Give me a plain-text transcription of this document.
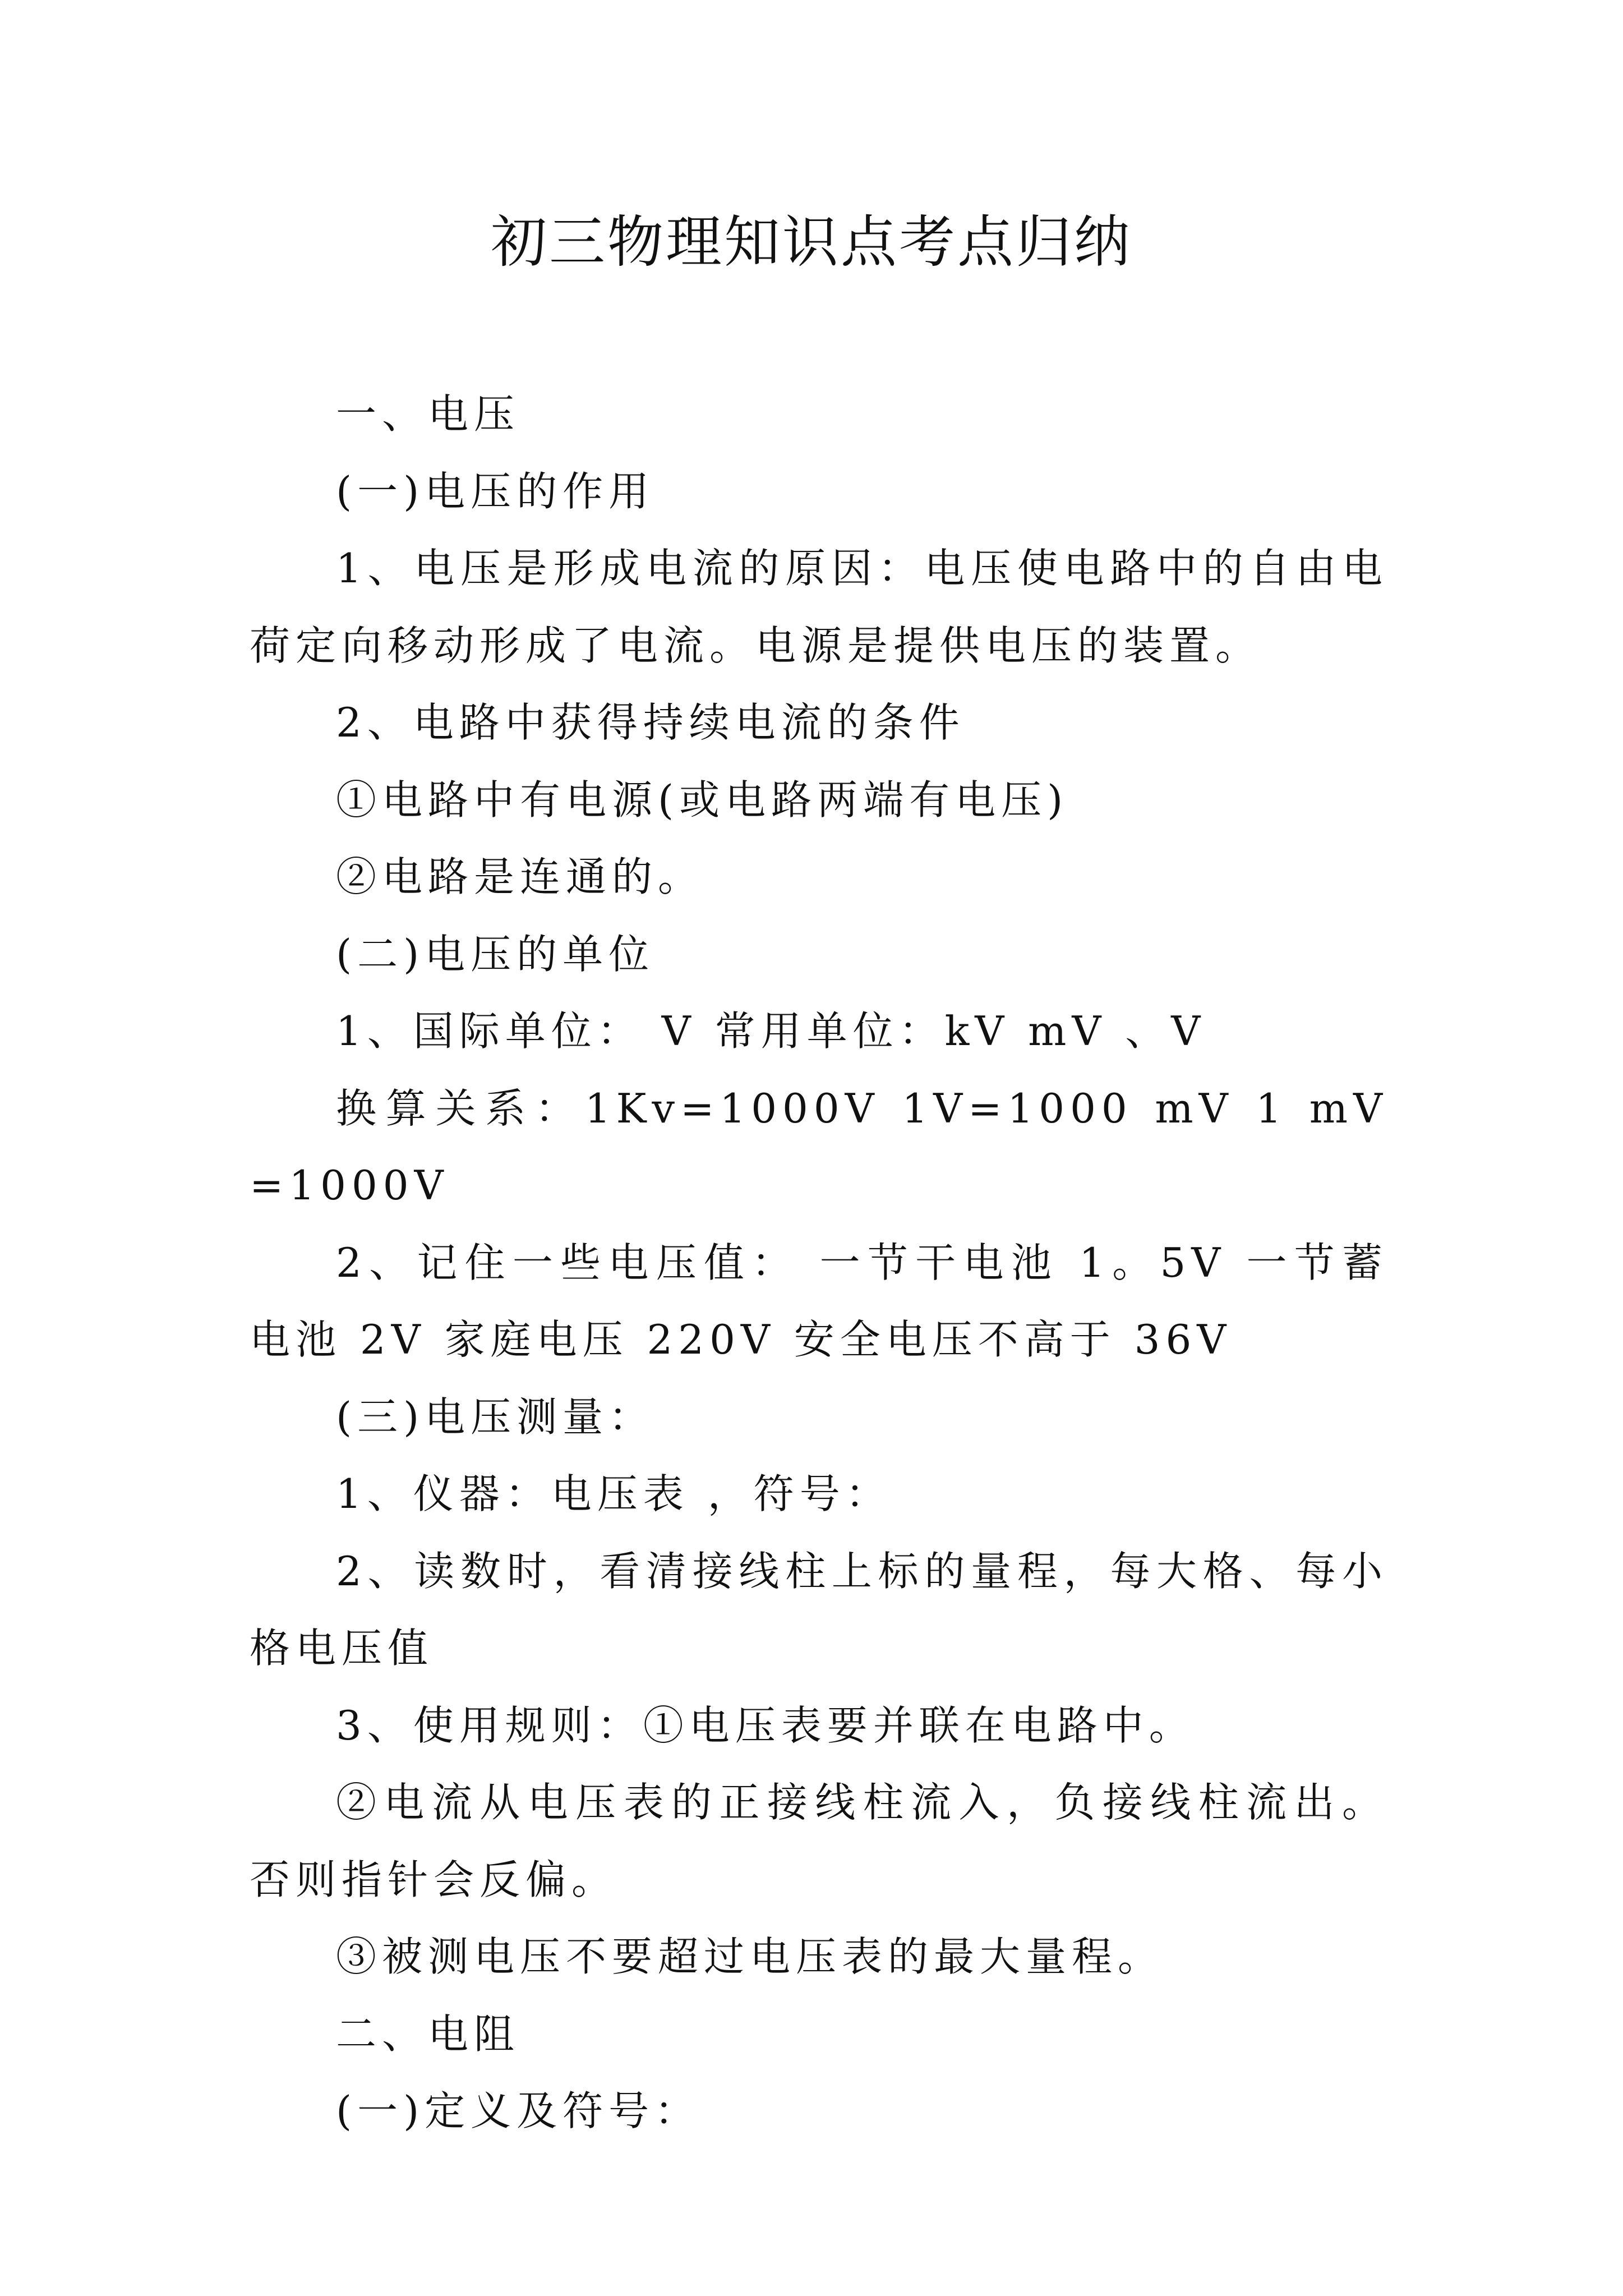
初三物理知识点考点归纳

一、电压

(一)电压的作用

1、电压是形成电流的原因：电压使电路中的自由电荷定向移动形成了电流。电源是提供电压的装置。

2、电路中获得持续电流的条件

①电路中有电源(或电路两端有电压)

②电路是连通的。

(二)电压的单位

1、国际单位： V 常用单位：kV mV 、V

换算关系：1Kv=1000V 1V=1000 mV 1 mV=1000V

2、记住一些电压值： 一节干电池 1。5V 一节蓄电池 2V 家庭电压 220V 安全电压不高于 36V

(三)电压测量：

1、仪器：电压表 ，符号：

2、读数时，看清接线柱上标的量程，每大格、每小格电压值

3、使用规则：①电压表要并联在电路中。

②电流从电压表的正接线柱流入，负接线柱流出。否则指针会反偏。

③被测电压不要超过电压表的最大量程。

二、电阻

(一)定义及符号：
